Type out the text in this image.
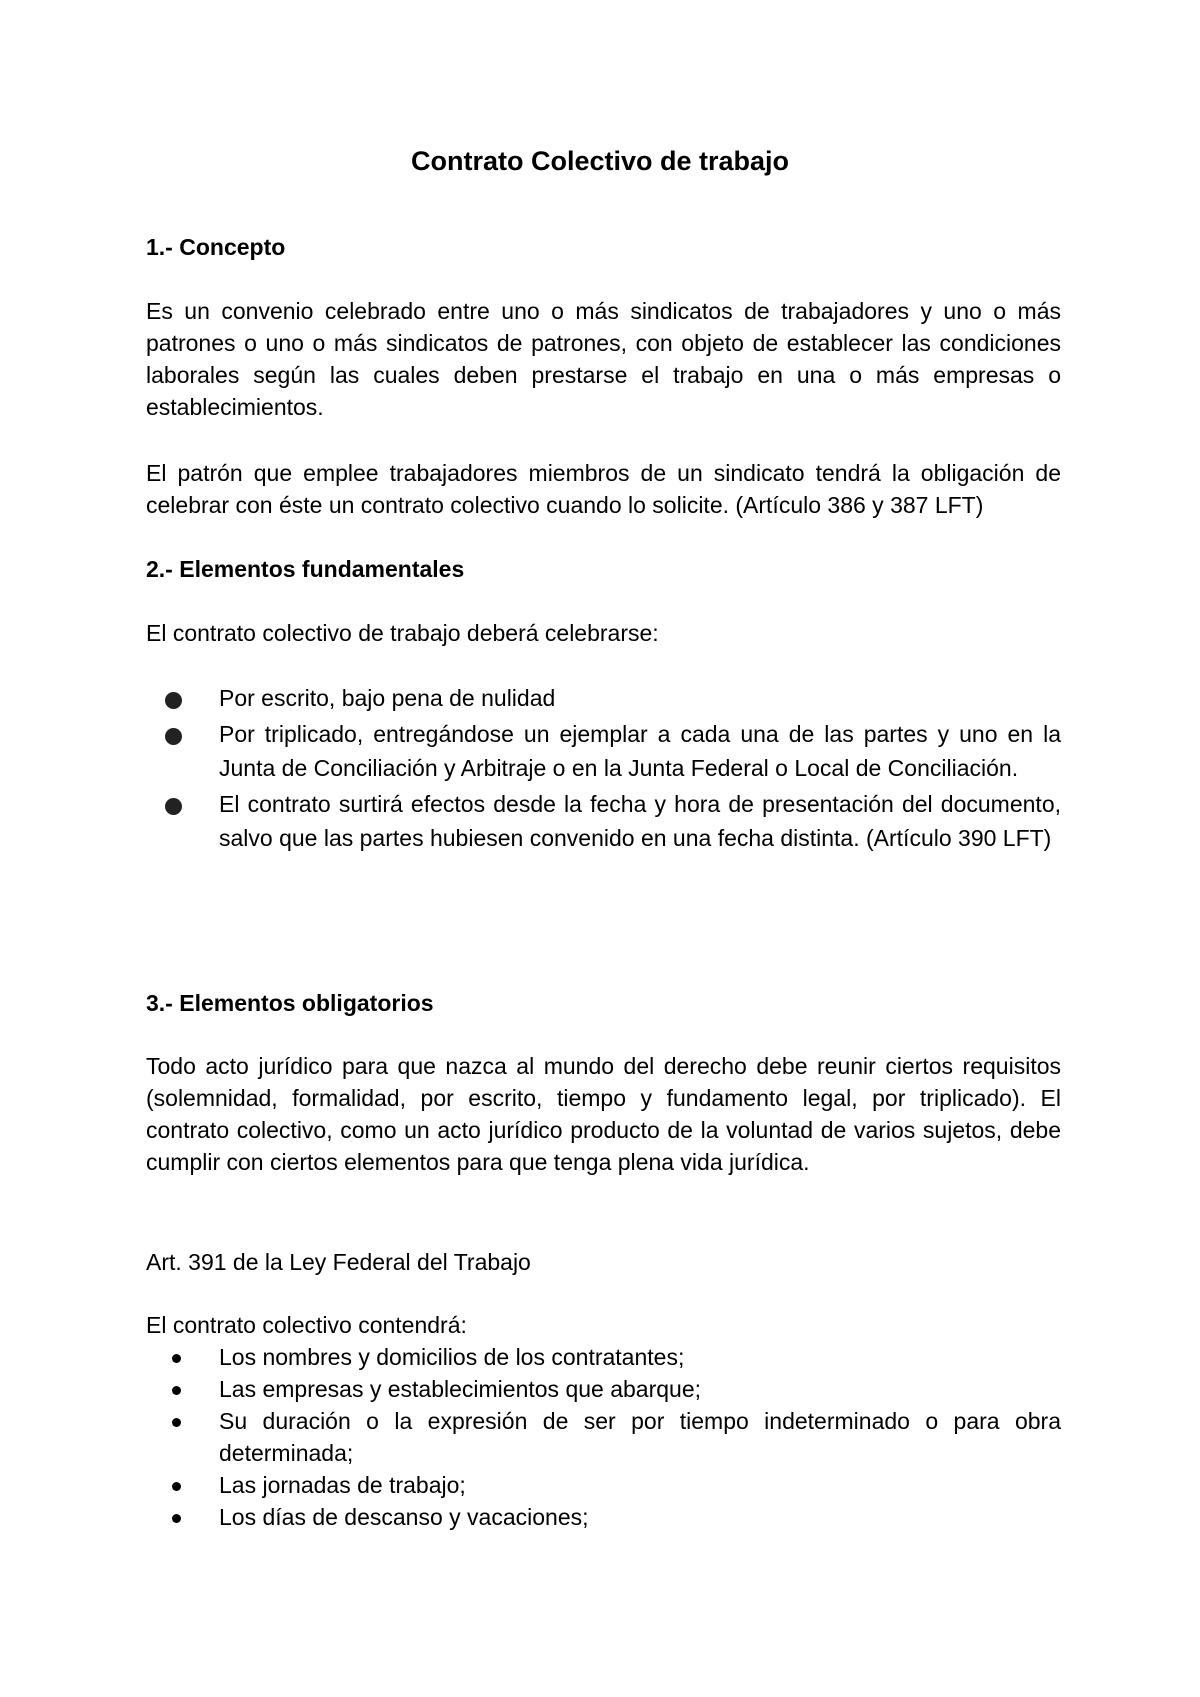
Contrato Colectivo de trabajo
1.- Concepto

Es un convenio celebrado entre uno o más sindicatos de trabajadores y uno o más patrones o uno o más sindicatos de patrones, con objeto de establecer las condiciones laborales según las cuales deben prestarse el trabajo en una o más empresas o establecimientos.

El patrón que emplee trabajadores miembros de un sindicato tendrá la obligación de celebrar con éste un contrato colectivo cuando lo solicite. (Artículo 386 y 387 LFT)

2.- Elementos fundamentales

El contrato colectivo de trabajo deberá celebrarse:

Por escrito, bajo pena de nulidad
Por triplicado, entregándose un ejemplar a cada una de las partes y uno en la Junta de Conciliación y Arbitraje o en la Junta Federal o Local de Conciliación.
El contrato surtirá efectos desde la fecha y hora de presentación del documento, salvo que las partes hubiesen convenido en una fecha distinta. (Artículo 390 LFT)
3.- Elementos obligatorios

Todo acto jurídico para que nazca al mundo del derecho debe reunir ciertos requisitos (solemnidad, formalidad, por escrito, tiempo y fundamento legal, por triplicado). El contrato colectivo, como un acto jurídico producto de la voluntad de varios sujetos, debe cumplir con ciertos elementos para que tenga plena vida jurídica.

Art. 391 de la Ley Federal del Trabajo

El contrato colectivo contendrá:

Los nombres y domicilios de los contratantes;
Las empresas y establecimientos que abarque;
Su duración o la expresión de ser por tiempo indeterminado o para obra determinada;
Las jornadas de trabajo;
Los días de descanso y vacaciones;
